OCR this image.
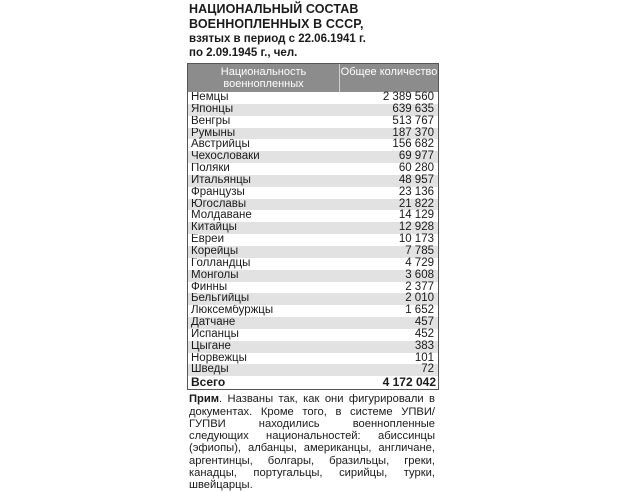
НАЦИОНАЛЬНЫЙ СОСТАВ
ВОЕННОПЛЕННЫХ В СССР,
взятых в период с 22.06.1941 г.
по 2.09.1945 г., чел.
Национальность военнопленных
Общее количество
Немцы	2 389 560
Японцы	639 635
Венгры	513 767
Румыны	187 370
Австрийцы	156 682
Чехословаки	69 977
Поляки	60 280
Итальянцы	48 957
Французы	23 136
Югославы	21 822
Молдаване	14 129
Китайцы	12 928
Евреи	10 173
Корейцы	7 785
Голландцы	4 729
Монголы	3 608
Финны	2 377
Бельгийцы	2 010
Люксембуржцы	1 652
Датчане	457
Испанцы	452
Цыгане	383
Норвежцы	101
Шведы	72
Всего	4 172 042
Прим. Названы так, как они фигурировали в документах. Кроме того, в системе УПВИ/ГУПВИ находились военнопленные следующих национальностей: абиссинцы (эфиопы), албанцы, американцы, англичане, аргентинцы, болгары, бразильцы, греки, канадцы, португальцы, сирийцы, турки, швейцарцы.
